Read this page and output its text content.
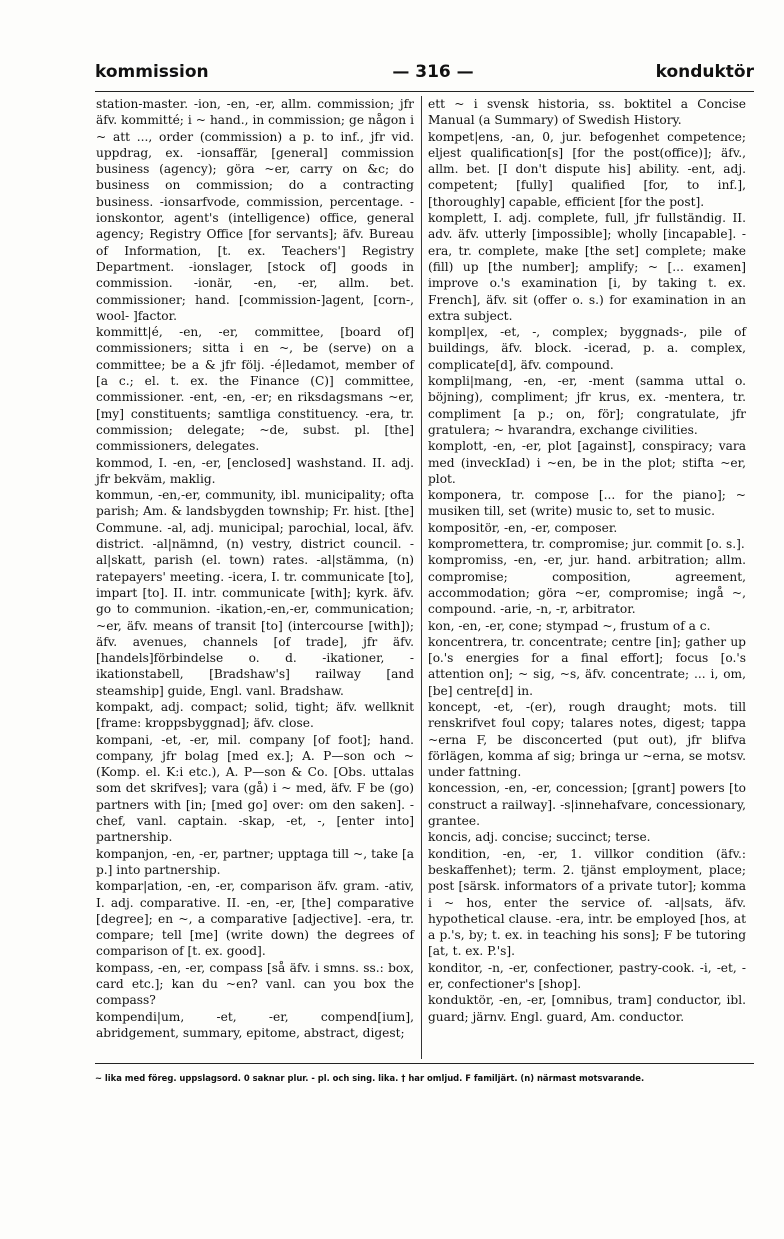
kommission	— 316 —	konduktör

station-master. -ion, -en, -er, allm. commission; jfr äfv. kommitté; i ~ hand., in commission; ge någon i ~ att ..., order (commission) a p. to inf., jfr vid. uppdrag, ex. -ionsaffär, [general] commission business (agency); göra ~er, carry on &c; do business on commission; do a contracting business. -ionsarfvode, commission, percentage. -ionskontor, agent's (intelligence) office, general agency; Registry Office [for servants]; äfv. Bureau of Information, [t. ex. Teachers'] Registry Department. -ionslager, [stock of] goods in commission. -ionär, -en, -er, allm. bet. commissioner; hand. [commission-]agent, [corn-, wool- ]factor.

kommitt|é, -en, -er, committee, [board of] commissioners; sitta i en ~, be (serve) on a committee; be a & jfr följ. -é|ledamot, member of [a c.; el. t. ex. the Finance (C)] committee, commissioner. -ent, -en, -er; en riksdagsmans ~er, [my] constituents; samtliga constituency. -era, tr. commission; delegate; ~de, subst. pl. [the] commissioners, delegates.

kommod, I. -en, -er, [enclosed] washstand. II. adj. jfr bekväm, maklig.

kommun, -en,-er, community, ibl. municipality; ofta parish; Am. & landsbygden township; Fr. hist. [the] Commune. -al, adj. municipal; parochial, local, äfv. district. -al|nämnd, (n) vestry, district council. -al|skatt, parish (el. town) rates. -al|stämma, (n) ratepayers' meeting. -icera, I. tr. communicate [to], impart [to]. II. intr. communicate [with]; kyrk. äfv. go to communion. -ikation,-en,-er, communication; ~er, äfv. means of transit [to] (intercourse [with]); äfv. avenues, channels [of trade], jfr äfv. [handels]förbindelse o. d. -ikationer, -ikationstabell, [Bradshaw's] railway [and steamship] guide, Engl. vanl. Bradshaw.

kompakt, adj. compact; solid, tight; äfv. wellknit [frame: kroppsbyggnad]; äfv. close.

kompani, -et, -er, mil. company [of foot]; hand. company, jfr bolag [med ex.]; A. P—son och ~ (Komp. el. K:i etc.), A. P—son & Co. [Obs. uttalas som det skrifves]; vara (gå) i ~ med, äfv. F be (go) partners with [in; [med go] over: om den saken]. -chef, vanl. captain. -skap, -et, -, [enter into] partnership.

kompanjon, -en, -er, partner; upptaga till ~, take [a p.] into partnership.

kompar|ation, -en, -er, comparison äfv. gram. -ativ, I. adj. comparative. II. -en, -er, [the] comparative [degree]; en ~, a comparative [adjective]. -era, tr. compare; tell [me] (write down) the degrees of comparison of [t. ex. good].

kompass, -en, -er, compass [så äfv. i smns. ss.: box, card etc.]; kan du ~en? vanl. can you box the compass?

kompendi|um, -et, -er, compend[ium], abridgement, summary, epitome, abstract, digest;

ett ~ i svensk historia, ss. boktitel a Concise Manual (a Summary) of Swedish History.

kompet|ens, -an, 0, jur. befogenhet competence; eljest qualification[s] [for the post(office)]; äfv., allm. bet. [I don't dispute his] ability. -ent, adj. competent; [fully] qualified [for, to inf.], [thoroughly] capable, efficient [for the post].

komplett, I. adj. complete, full, jfr fullständig. II. adv. äfv. utterly [impossible]; wholly [incapable]. -era, tr. complete, make [the set] complete; make (fill) up [the number]; amplify; ~ [... examen] improve o.'s examination [i, by taking t. ex. French], äfv. sit (offer o. s.) for examination in an extra subject.

kompl|ex, -et, -, complex; byggnads-, pile of buildings, äfv. block. -icerad, p. a. complex, complicate[d], äfv. compound.

kompli|mang, -en, -er, -ment (samma uttal o. böjning), compliment; jfr krus, ex. -mentera, tr. compliment [a p.; on, för]; congratulate, jfr gratulera; ~ hvarandra, exchange civilities.

komplott, -en, -er, plot [against], conspiracy; vara med (inveckIad) i ~en, be in the plot; stifta ~er, plot.

komponera, tr. compose [... for the piano]; ~ musiken till, set (write) music to, set to music.

kompositör, -en, -er, composer.

kompromettera, tr. compromise; jur. commit [o. s.].

kompromiss, -en, -er, jur. hand. arbitration; allm. compromise; composition, agreement, accommodation; göra ~er, compromise; ingå ~, compound. -arie, -n, -r, arbitrator.

kon, -en, -er, cone; stympad ~, frustum of a c.

koncentrera, tr. concentrate; centre [in]; gather up [o.'s energies for a final effort]; focus [o.'s attention on]; ~ sig, ~s, äfv. concentrate; ... i, om, [be] centre[d] in.

koncept, -et, -(er), rough draught; mots. till renskrifvet foul copy; talares notes, digest; tappa ~erna F, be disconcerted (put out), jfr blifva förlägen, komma af sig; bringa ur ~erna, se motsv. under fattning.

koncession, -en, -er, concession; [grant] powers [to construct a railway]. -s|innehafvare, concessionary, grantee.

koncis, adj. concise; succinct; terse.

kondition, -en, -er, 1. villkor condition (äfv.: beskaffenhet); term. 2. tjänst employment, place; post [särsk. informators of a private tutor]; komma i ~ hos, enter the service of. -al|sats, äfv. hypothetical clause. -era, intr. be employed [hos, at a p.'s, by; t. ex. in teaching his sons]; F be tutoring [at, t. ex. P.'s].

konditor, -n, -er, confectioner, pastry-cook. -i, -et, -er, confectioner's [shop].

konduktör, -en, -er, [omnibus, tram] conductor, ibl. guard; järnv. Engl. guard, Am. conductor.

~ lika med föreg. uppslagsord. 0 saknar plur. - pl. och sing. lika. † har omljud. F familjärt. (n) närmast motsvarande.
